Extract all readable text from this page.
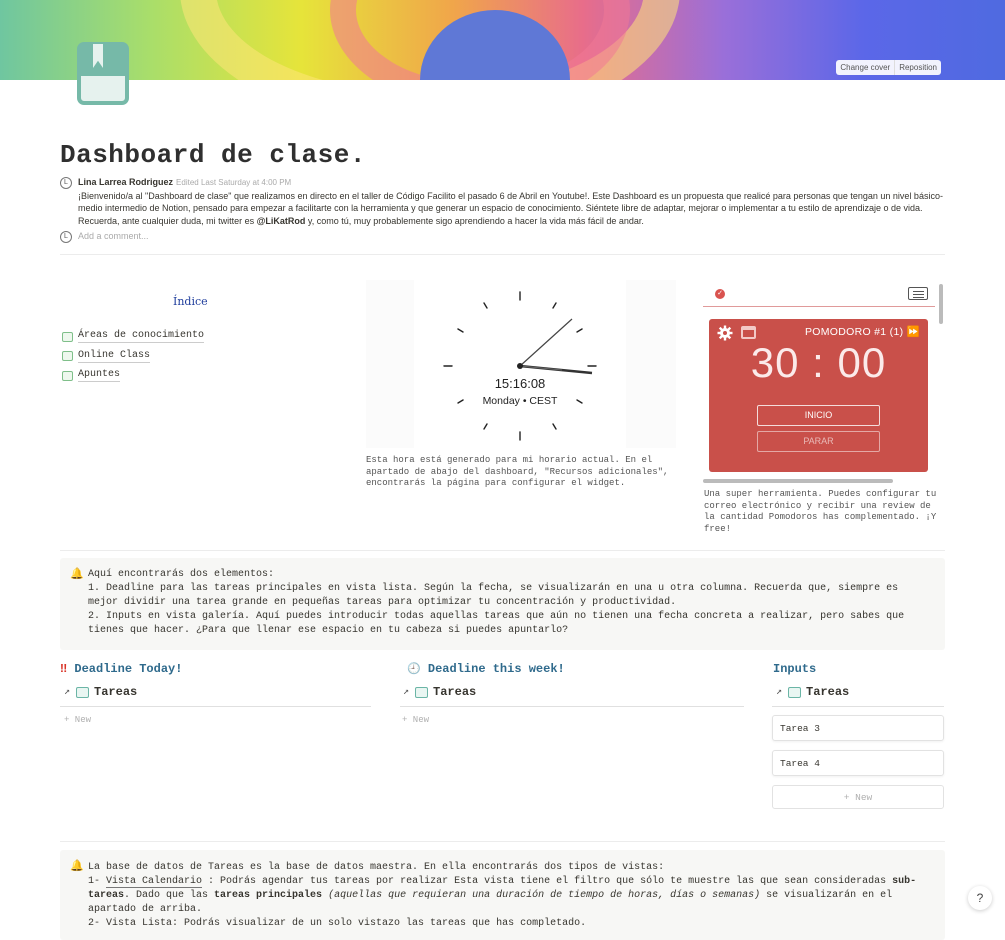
Change cover	Reposition
Dashboard de clase.
L	Lina Larrea Rodriguez Edited Last Saturday at 4:00 PM
¡Bienvenido/a al "Dashboard de clase" que realizamos en directo en el taller de Código Facilito el pasado 6 de Abril en Youtube!. Este Dashboard es un propuesta que realicé para personas que tengan un nivel básico-medio intermedio de Notion, pensado para empezar a facilitarte con la herramienta y que generar un espacio de conocimiento. Siéntete libre de adaptar, mejorar o implementar a tu estilo de aprendizaje o de vida. Recuerda, ante cualquier duda, mi twitter es @LiKatRod y, como tú, muy probablemente sigo aprendiendo a hacer la vida más fácil de andar.
L	Add a comment...
Índice
Áreas de conocimiento
Online Class
Apuntes
15:16:08
Monday • CEST
Esta hora está generado para mi horario actual. En el apartado de abajo del dashboard, "Recursos adicionales", encontrarás la página para configurar el widget.
✓
POMODORO #1 (1) ⏩
30 : 00
INICIO
PARAR
Una super herramienta. Puedes configurar tu correo electrónico y recibir una review de la cantidad Pomodoros has complementado. ¡Y free!
🔔 Aquí encontrarás dos elementos:
1. Deadline para las tareas principales en vista lista. Según la fecha, se visualizarán en una u otra columna. Recuerda que, siempre es mejor dividir una tarea grande en pequeñas tareas para optimizar tu concentración y productividad.
2. Inputs en vista galería. Aquí puedes introducir todas aquellas tareas que aún no tienen una fecha concreta a realizar, pero sabes que tienes que hacer. ¿Para que llenar ese espacio en tu cabeza si puedes apuntarlo?
‼ Deadline Today!
↗ Tareas
+ New
🕘 Deadline this week!
↗ Tareas
+ New
Inputs
↗ Tareas
Tarea 3
Tarea 4
+ New
🔔 La base de datos de Tareas es la base de datos maestra. En ella encontrarás dos tipos de vistas:
1- Vista Calendario : Podrás agendar tus tareas por realizar Esta vista tiene el filtro que sólo te muestre las que sean consideradas sub-tareas. Dado que las tareas principales (aquellas que requieran una duración de tiempo de horas, días o semanas) se visualizarán en el apartado de arriba.
2- Vista Lista: Podrás visualizar de un solo vistazo las tareas que has completado.
?
